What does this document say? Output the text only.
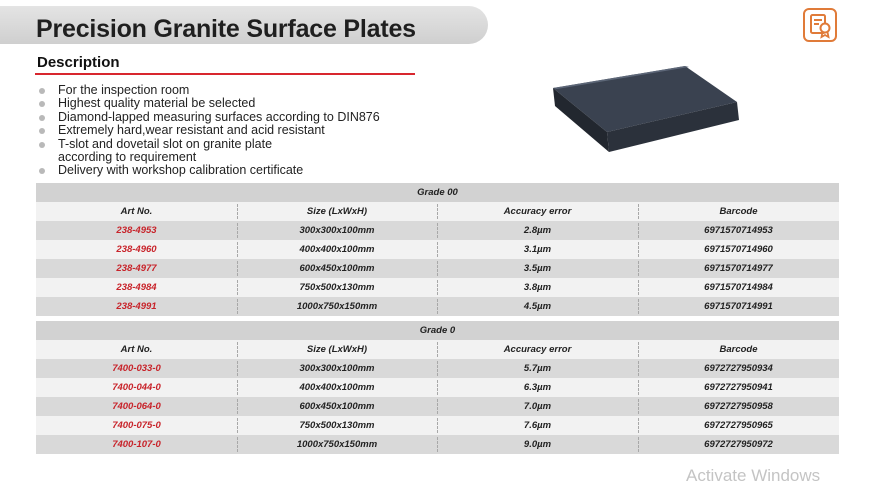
Precision Granite Surface Plates
Description
For the inspection room
Highest quality material be selected
Diamond-lapped measuring surfaces according to DIN876
Extremely hard,wear resistant and acid resistant
T-slot and dovetail slot on granite plate
according to requirement
Delivery with workshop calibration certificate
Grade 00
Art No.	Size (LxWxH)	Accuracy error	Barcode
238-4953	300x300x100mm	2.8µm	6971570714953
238-4960	400x400x100mm	3.1µm	6971570714960
238-4977	600x450x100mm	3.5µm	6971570714977
238-4984	750x500x130mm	3.8µm	6971570714984
238-4991	1000x750x150mm	4.5µm	6971570714991
Grade 0
Art No.	Size (LxWxH)	Accuracy error	Barcode
7400-033-0	300x300x100mm	5.7µm	6972727950934
7400-044-0	400x400x100mm	6.3µm	6972727950941
7400-064-0	600x450x100mm	7.0µm	6972727950958
7400-075-0	750x500x130mm	7.6µm	6972727950965
7400-107-0	1000x750x150mm	9.0µm	6972727950972
Activate Windows
